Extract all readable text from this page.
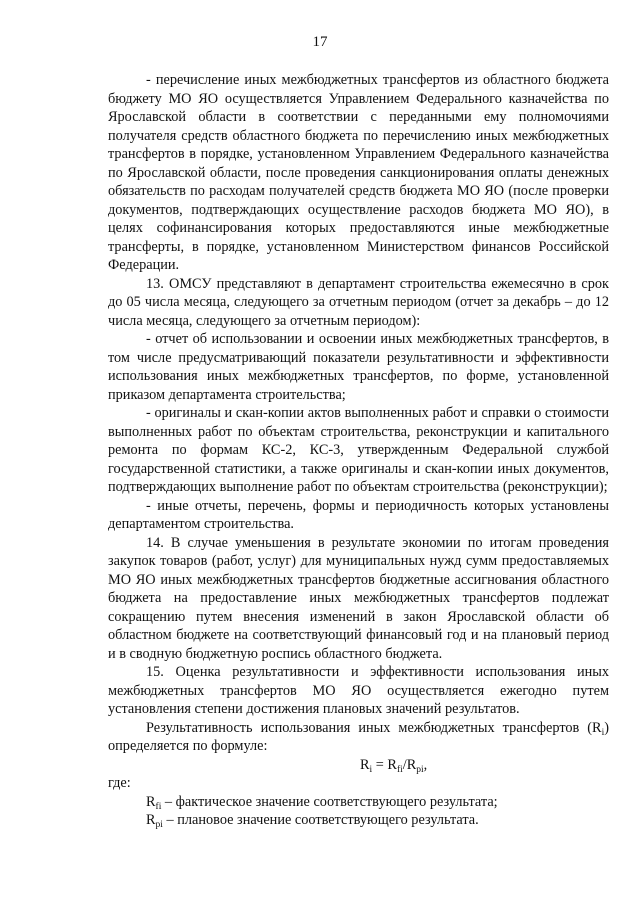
17

- перечисление иных межбюджетных трансфертов из областного бюджета бюджету МО ЯО осуществляется Управлением Федерального казначейства по Ярославской области в соответствии с переданными ему полномочиями получателя средств областного бюджета по перечислению иных межбюджетных трансфертов в порядке, установленном Управлением Федерального казначейства по Ярославской области, после проведения санкционирования оплаты денежных обязательств по расходам получателей средств бюджета МО ЯО (после проверки документов, подтверждающих осуществление расходов бюджета МО ЯО), в целях софинансирования которых предоставляются иные межбюджетные трансферты, в порядке, установленном Министерством финансов Российской Федерации.

13. ОМСУ представляют в департамент строительства ежемесячно в срок до 05 числа месяца, следующего за отчетным периодом (отчет за декабрь – до 12 числа месяца, следующего за отчетным периодом):

- отчет об использовании и освоении иных межбюджетных трансфертов, в том числе предусматривающий показатели результативности и эффективности использования иных межбюджетных трансфертов, по форме, установленной приказом департамента строительства;

- оригиналы и скан-копии актов выполненных работ и справки о стоимости выполненных работ по объектам строительства, реконструкции и капитального ремонта по формам КС-2, КС-3, утвержденным Федеральной службой государственной статистики, а также оригиналы и скан-копии иных документов, подтверждающих выполнение работ по объектам строительства (реконструкции);

- иные отчеты, перечень, формы и периодичность которых установлены департаментом строительства.

14. В случае уменьшения в результате экономии по итогам проведения закупок товаров (работ, услуг) для муниципальных нужд сумм предоставляемых МО ЯО иных межбюджетных трансфертов бюджетные ассигнования областного бюджета на предоставление иных межбюджетных трансфертов подлежат сокращению путем внесения изменений в закон Ярославской области об областном бюджете на соответствующий финансовый год и на плановый период и в сводную бюджетную роспись областного бюджета.

15. Оценка результативности и эффективности использования иных межбюджетных трансфертов МО ЯО осуществляется ежегодно путем установления степени достижения плановых значений результатов.

Результативность использования иных межбюджетных трансфертов $(R_i)$ определяется по формуле:

$R_i = R_{fi}/R_{pi}$,

где:

$R_{fi}$ – фактическое значение соответствующего результата;

$R_{pi}$ – плановое значение соответствующего результата.
